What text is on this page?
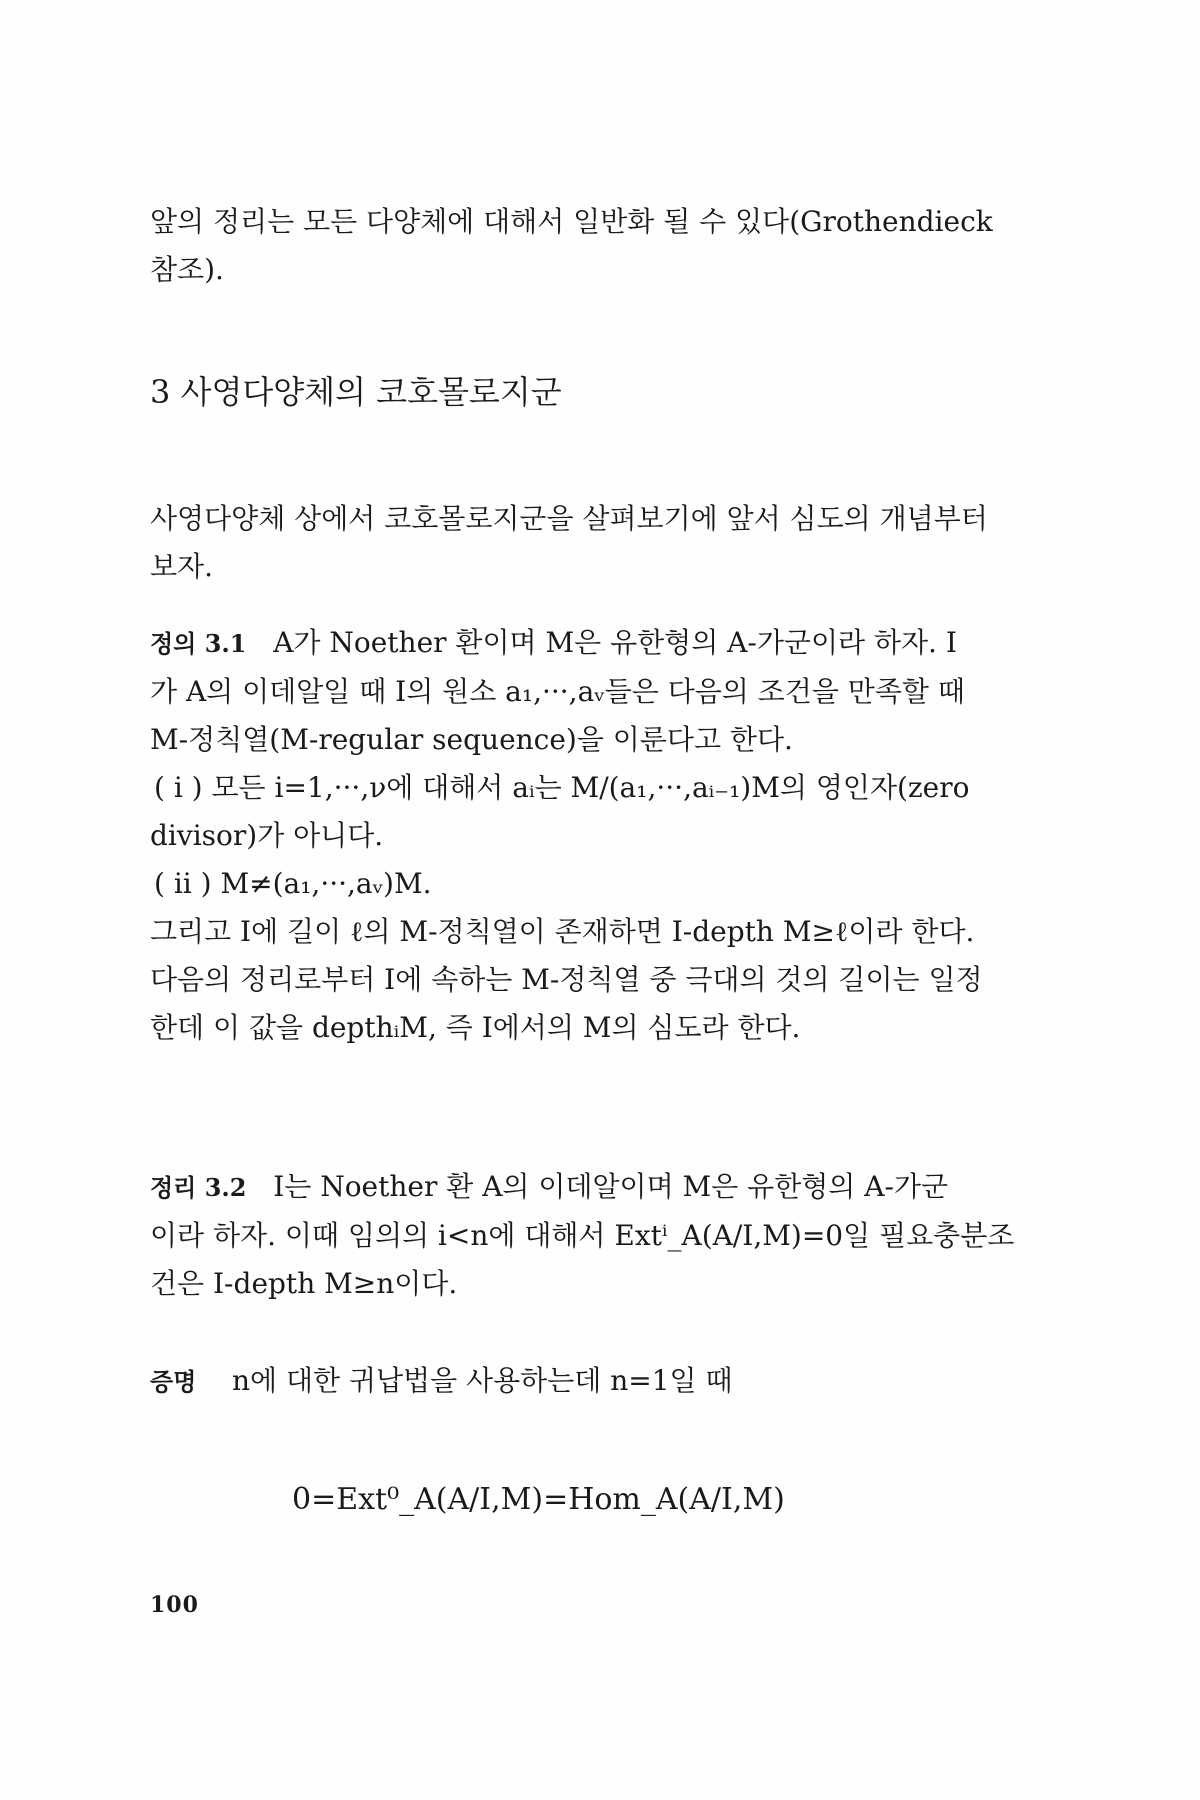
앞의 정리는 모든 다양체에 대해서 일반화 될 수 있다(Grothendieck
참조).
3 사영다양체의 코호몰로지군
사영다양체 상에서 코호몰로지군을 살펴보기에 앞서 심도의 개념부터
보자.
정의 3.1 A가 Noether 환이며 M은 유한형의 A-가군이라 하자. I
가 A의 이데알일 때 I의 원소 a₁,···,aᵥ들은 다음의 조건을 만족할 때
M-정칙열(M-regular sequence)을 이룬다고 한다.
( i ) 모든 i=1,···,ν에 대해서 aᵢ는 M/(a₁,···,aᵢ₋₁)M의 영인자(zero
divisor)가 아니다.
( ii ) M≠(a₁,···,aᵥ)M.
그리고 I에 길이 ℓ의 M-정칙열이 존재하면 I-depth M≥ℓ이라 한다.
다음의 정리로부터 I에 속하는 M-정칙열 중 극대의 것의 길이는 일정
한데 이 값을 depthᵢM, 즉 I에서의 M의 심도라 한다.
정리 3.2 I는 Noether 환 A의 이데알이며 M은 유한형의 A-가군
이라 하자. 이때 임의의 i<n에 대해서 Extⁱ_A(A/I,M)=0일 필요충분조
건은 I-depth M≥n이다.
증명 n에 대한 귀납법을 사용하는데 n=1일 때
0=Ext⁰_A(A/I,M)=Hom_A(A/I,M)
100
